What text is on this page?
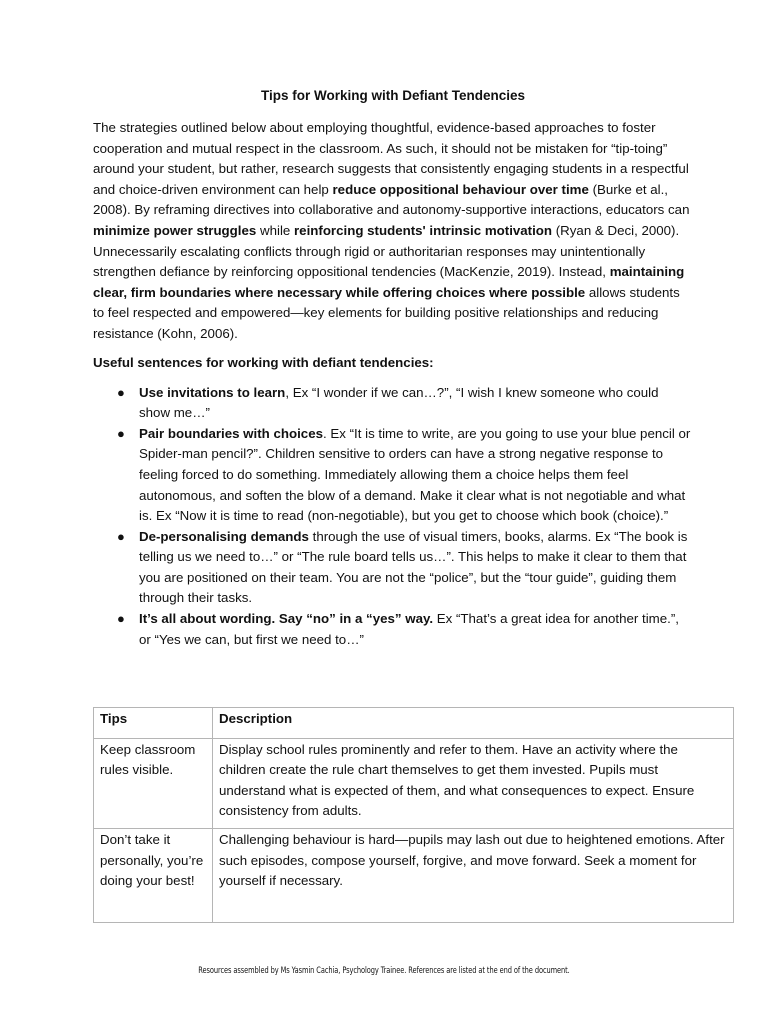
Tips for Working with Defiant Tendencies

The strategies outlined below about employing thoughtful, evidence-based approaches to foster cooperation and mutual respect in the classroom. As such, it should not be mistaken for “tip-toing” around your student, but rather, research suggests that consistently engaging students in a respectful and choice-driven environment can help reduce oppositional behaviour over time (Burke et al., 2008). By reframing directives into collaborative and autonomy-supportive interactions, educators can minimize power struggles while reinforcing students' intrinsic motivation (Ryan & Deci, 2000). Unnecessarily escalating conflicts through rigid or authoritarian responses may unintentionally strengthen defiance by reinforcing oppositional tendencies (MacKenzie, 2019). Instead, maintaining clear, firm boundaries where necessary while offering choices where possible allows students to feel respected and empowered—key elements for building positive relationships and reducing resistance (Kohn, 2006).

Useful sentences for working with defiant tendencies:
● Use invitations to learn, Ex “I wonder if we can…?”, “I wish I knew someone who could show me…”
● Pair boundaries with choices. Ex “It is time to write, are you going to use your blue pencil or Spider-man pencil?”. Children sensitive to orders can have a strong negative response to feeling forced to do something. Immediately allowing them a choice helps them feel autonomous, and soften the blow of a demand. Make it clear what is not negotiable and what is. Ex “Now it is time to read (non-negotiable), but you get to choose which book (choice).”
● De-personalising demands through the use of visual timers, books, alarms. Ex “The book is telling us we need to…” or “The rule board tells us…”. This helps to make it clear to them that you are positioned on their team. You are not the “police”, but the “tour guide”, guiding them through their tasks.
● It’s all about wording. Say “no” in a “yes” way. Ex “That’s a great idea for another time.”, or “Yes we can, but first we need to…”
Tips	Description
Keep classroom rules visible.	Display school rules prominently and refer to them. Have an activity where the children create the rule chart themselves to get them invested. Pupils must understand what is expected of them, and what consequences to expect. Ensure consistency from adults.
Don’t take it personally, you’re doing your best!	Challenging behaviour is hard—pupils may lash out due to heightened emotions. After such episodes, compose yourself, forgive, and move forward. Seek a moment for yourself if necessary.
Resources assembled by Ms Yasmin Cachia, Psychology Trainee. References are listed at the end of the document.
